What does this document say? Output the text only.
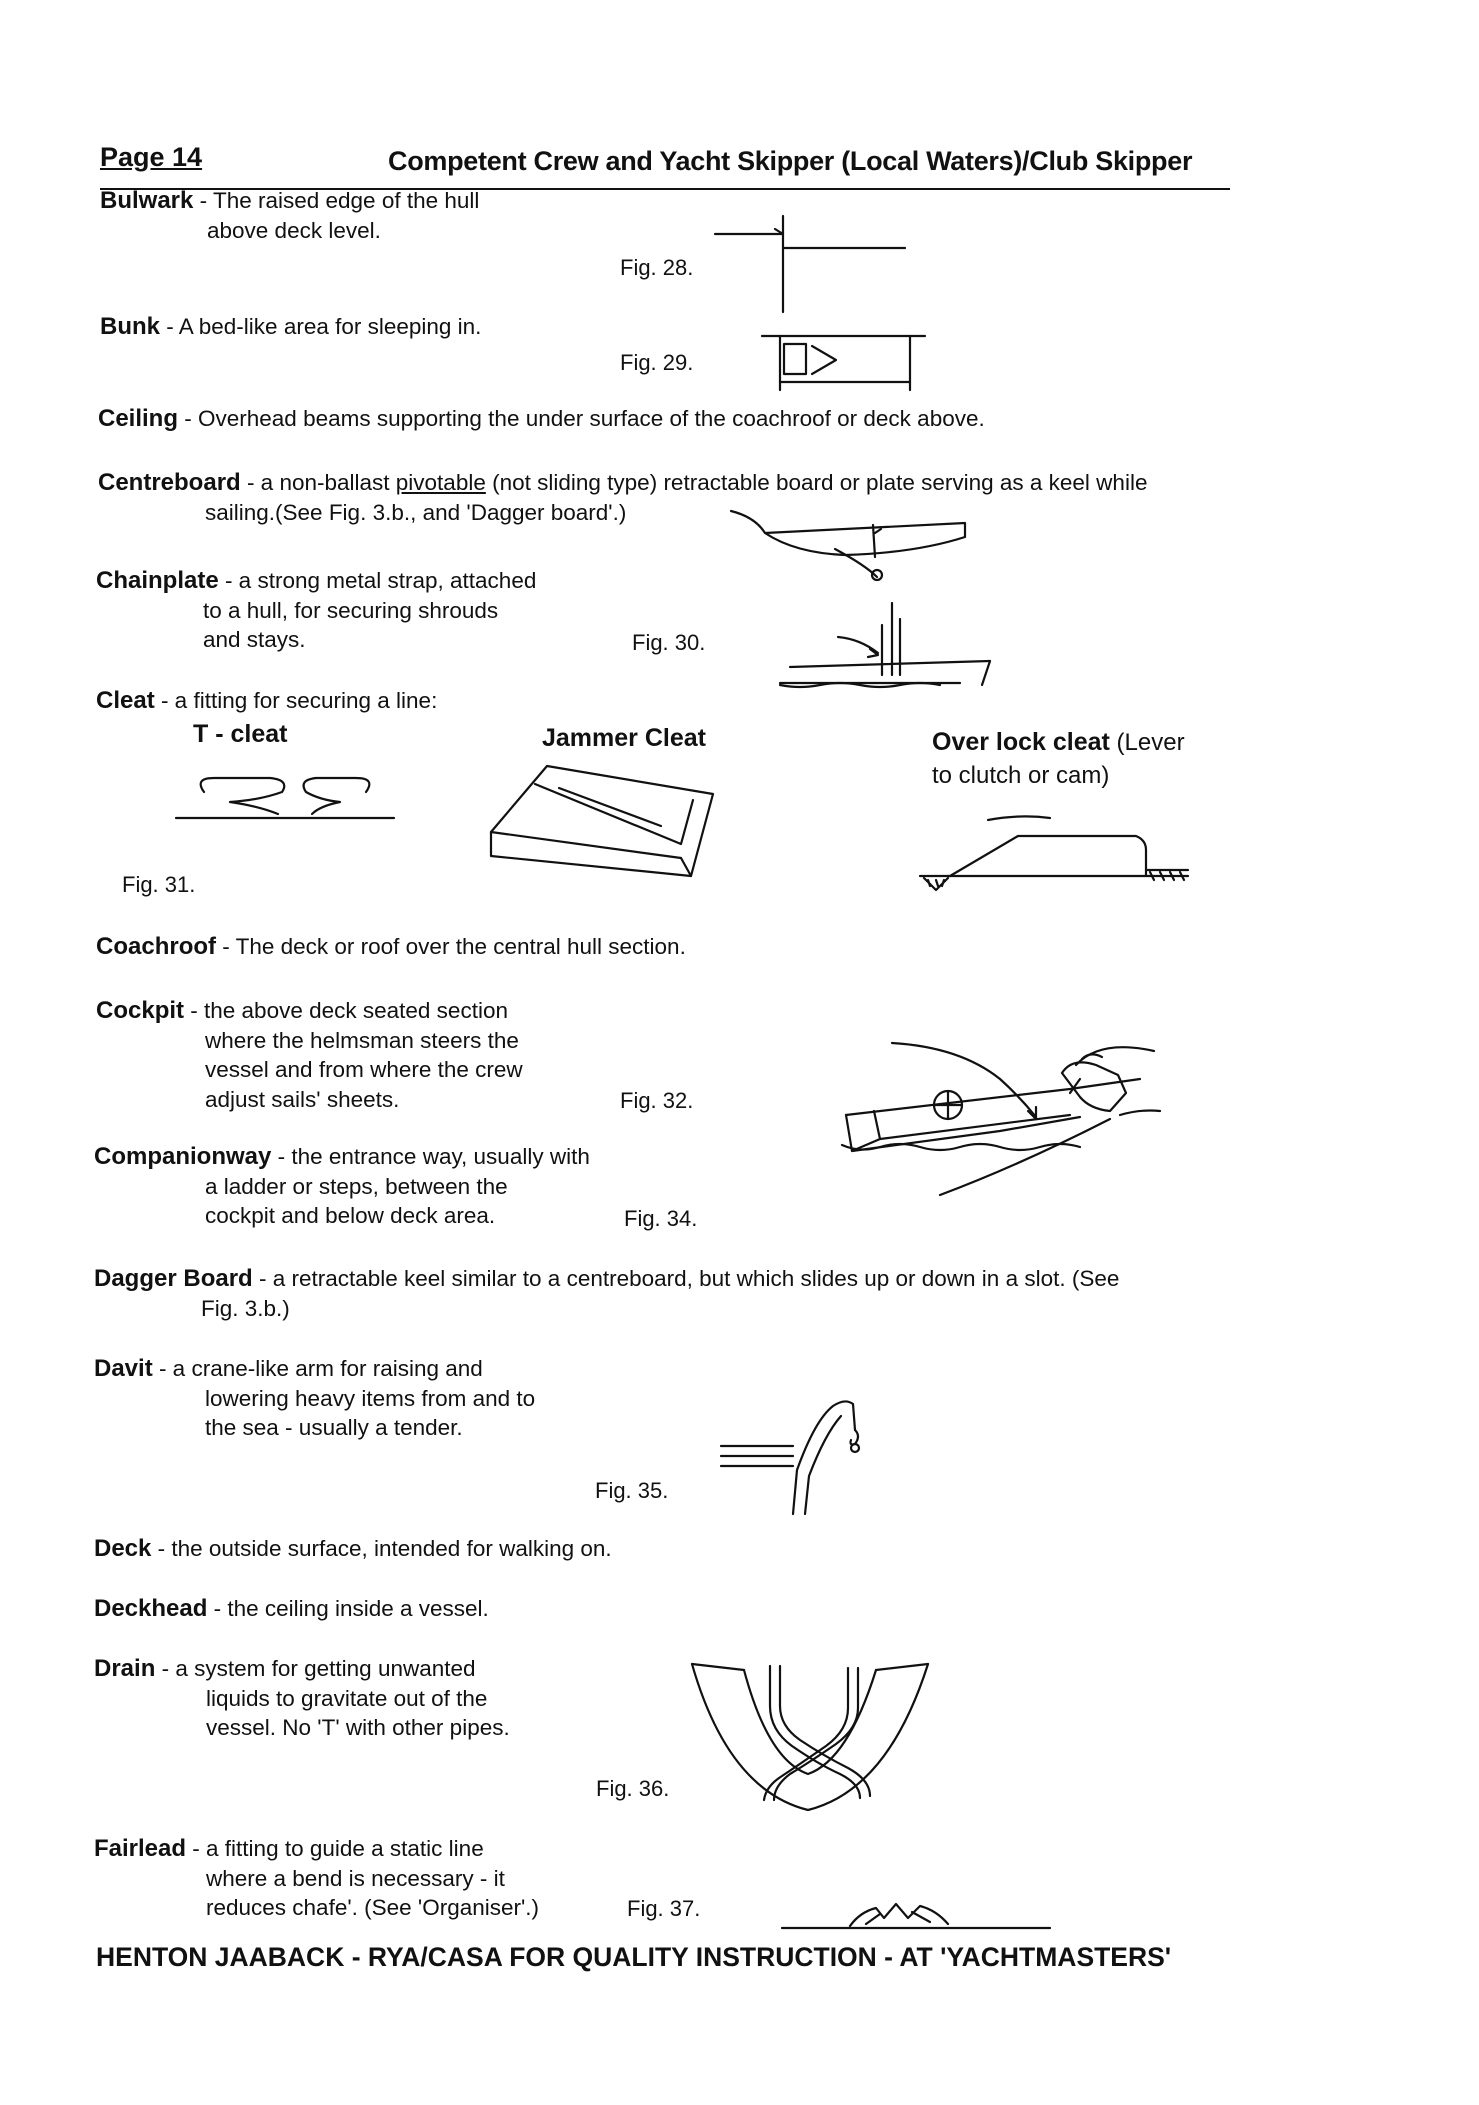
Page 14	Competent Crew and Yacht Skipper (Local Waters)/Club Skipper
Bulwark - The raised edge of the hull
above deck level.
Fig. 28.
Bunk - A bed-like area for sleeping in.
Fig. 29.
Ceiling - Overhead beams supporting the under surface of the coachroof or deck above.
Centreboard - a non-ballast pivotable (not sliding type) retractable board or plate serving as a keel while
sailing.(See Fig. 3.b., and 'Dagger board'.)
Chainplate - a strong metal strap, attached
to a hull, for securing shrouds
and stays.	Fig. 30.
Cleat - a fitting for securing a line:
T - cleat	Jammer Cleat	Over lock cleat (Lever
to clutch or cam)
Fig. 31.
Coachroof - The deck or roof over the central hull section.
Cockpit - the above deck seated section
where the helmsman steers the
vessel and from where the crew
adjust sails' sheets.	Fig. 32.
Companionway - the entrance way, usually with
a ladder or steps, between the
cockpit and below deck area.	Fig. 34.
Dagger Board - a retractable keel similar to a centreboard, but which slides up or down in a slot. (See
Fig. 3.b.)
Davit - a crane-like arm for raising and
lowering heavy items from and to
the sea - usually a tender.
Fig. 35.
Deck - the outside surface, intended for walking on.
Deckhead - the ceiling inside a vessel.
Drain - a system for getting unwanted
liquids to gravitate out of the
vessel. No 'T' with other pipes.
Fig. 36.
Fairlead - a fitting to guide a static line
where a bend is necessary - it
reduces chafe'. (See 'Organiser'.)	Fig. 37.
HENTON JAABACK - RYA/CASA FOR QUALITY INSTRUCTION - AT 'YACHTMASTERS'
